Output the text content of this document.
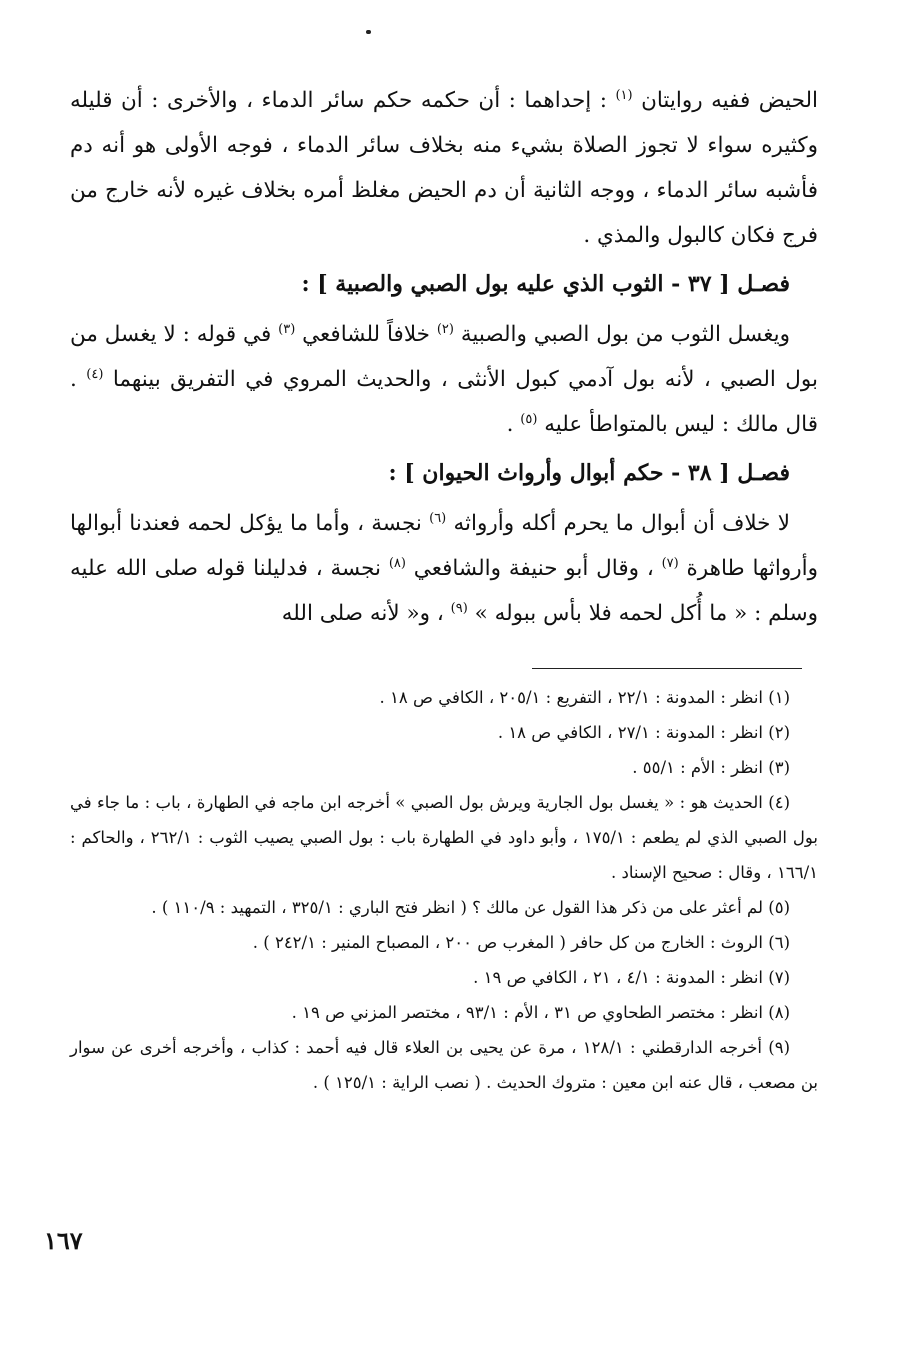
الحيض ففيه روايتان $^{(١)}$ : إحداهما : أن حكمه حكم سائر الدماء ، والأخرى : أن قليله وكثيره سواء لا تجوز الصلاة بشيء منه بخلاف سائر الدماء ، فوجه الأولى هو أنه دم فأشبه سائر الدماء ، ووجه الثانية أن دم الحيض مغلظ أمره بخلاف غيره لأنه خارج من فرج فكان كالبول والمذي .

فصـل [ ٣٧ - الثوب الذي عليه بول الصبي والصبية ] :

ويغسل الثوب من بول الصبي والصبية $^{(٢)}$ خلافاً للشافعي $^{(٣)}$ في قوله : لا يغسل من بول الصبي ، لأنه بول آدمي كبول الأنثى ، والحديث المروي في التفريق بينهما $^{(٤)}$ . قال مالك : ليس بالمتواطأ عليه $^{(٥)}$ .

فصـل [ ٣٨ - حكم أبوال وأرواث الحيوان ] :

لا خلاف أن أبوال ما يحرم أكله وأرواثه $^{(٦)}$ نجسة ، وأما ما يؤكل لحمه فعندنا أبوالها وأرواثها طاهرة $^{(٧)}$ ، وقال أبو حنيفة والشافعي $^{(٨)}$ نجسة ، فدليلنا قوله صلى الله عليه وسلم : « ما أُكل لحمه فلا بأس ببوله » $^{(٩)}$ ، و« لأنه صلى الله

(١) انظر : المدونة : ٢٢/١ ، التفريع : ٢٠٥/١ ، الكافي ص ١٨ .

(٢) انظر : المدونة : ٢٧/١ ، الكافي ص ١٨ .

(٣) انظر : الأم : ٥٥/١ .

(٤) الحديث هو : « يغسل بول الجارية ويرش بول الصبي » أخرجه ابن ماجه في الطهارة ، باب : ما جاء في بول الصبي الذي لم يطعم : ١٧٥/١ ، وأبو داود في الطهارة باب : بول الصبي يصيب الثوب : ٢٦٢/١ ، والحاكم : ١٦٦/١ ، وقال : صحيح الإسناد .

(٥) لم أعثر على من ذكر هذا القول عن مالك ؟ ( انظر فتح الباري : ٣٢٥/١ ، التمهيد : ١١٠/٩ ) .

(٦) الروث : الخارج من كل حافر ( المغرب ص ٢٠٠ ، المصباح المنير : ٢٤٢/١ ) .

(٧) انظر : المدونة : ٤/١ ، ٢١ ، الكافي ص ١٩ .

(٨) انظر : مختصر الطحاوي ص ٣١ ، الأم : ٩٣/١ ، مختصر المزني ص ١٩ .

(٩) أخرجه الدارقطني : ١٢٨/١ ، مرة عن يحيى بن العلاء قال فيه أحمد : كذاب ، وأخرجه أخرى عن سوار بن مصعب ، قال عنه ابن معين : متروك الحديث . ( نصب الراية : ١٢٥/١ ) .

١٦٧
